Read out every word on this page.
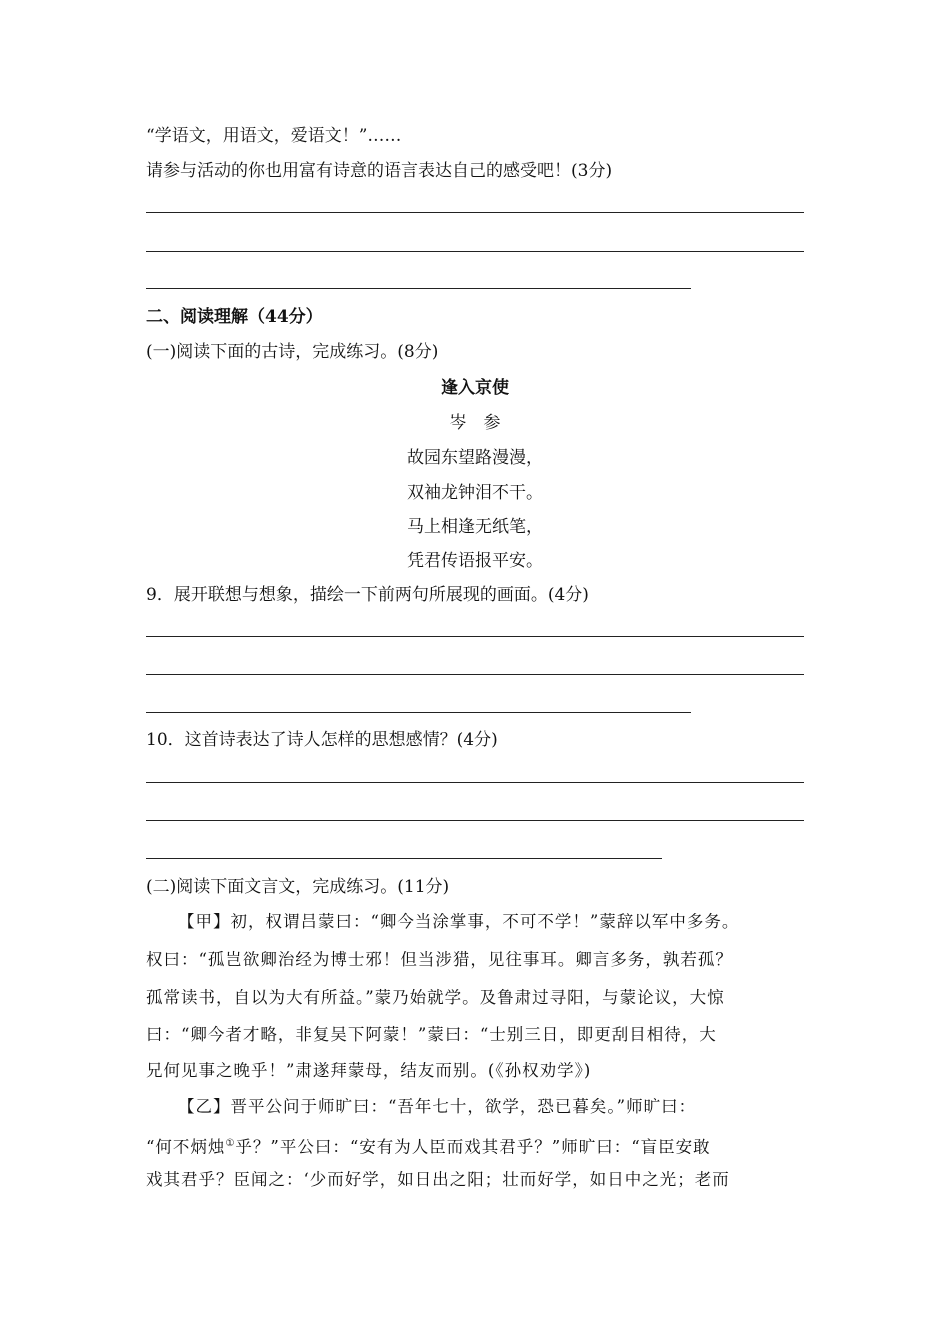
“学语文，用语文，爱语文！”……
请参与活动的你也用富有诗意的语言表达自己的感受吧！(3分)
二、阅读理解（44分）
(一)阅读下面的古诗，完成练习。(8分)
逢入京使
岑　参
故园东望路漫漫，
双袖龙钟泪不干。
马上相逢无纸笔，
凭君传语报平安。
9．展开联想与想象，描绘一下前两句所展现的画面。(4分)
10．这首诗表达了诗人怎样的思想感情？(4分)
(二)阅读下面文言文，完成练习。(11分)
【甲】初，权谓吕蒙曰：“卿今当涂掌事，不可不学！”蒙辞以军中多务。
权曰：“孤岂欲卿治经为博士邪！但当涉猎，见往事耳。卿言多务，孰若孤？
孤常读书，自以为大有所益。”蒙乃始就学。及鲁肃过寻阳，与蒙论议，大惊
曰：“卿今者才略，非复吴下阿蒙！”蒙曰：“士别三日，即更刮目相待，大
兄何见事之晚乎！”肃遂拜蒙母，结友而别。(《孙权劝学》)
【乙】晋平公问于师旷曰：“吾年七十，欲学，恐已暮矣。”师旷曰：
“何不炳烛①乎？”平公曰：“安有为人臣而戏其君乎？”师旷曰：“盲臣安敢
戏其君乎？臣闻之：‘少而好学，如日出之阳；壮而好学，如日中之光；老而
